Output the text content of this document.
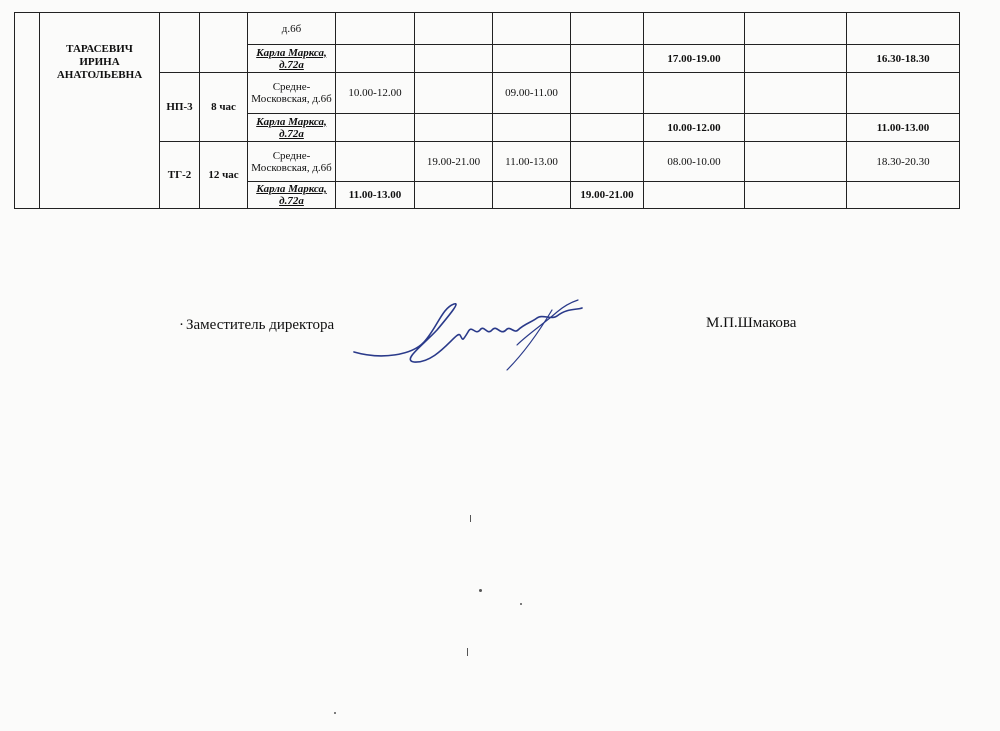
	ТАРАСЕВИЧ
ИРИНА
АНАТОЛЬЕВНА			д.6б							
				Карла Маркса, д.72а					17.00-19.00		16.30-18.30
		НП-3	8 час	Средне-Московская, д.6б	10.00-12.00		09.00-11.00				
				Карла Маркса, д.72а					10.00-12.00		11.00-13.00
		ТГ-2	12 час	Средне-Московская, д.6б		19.00-21.00	11.00-13.00		08.00-10.00		18.30-20.30
				Карла Маркса, д.72а	11.00-13.00			19.00-21.00			
· Заместитель директора	М.П.Шмакова
